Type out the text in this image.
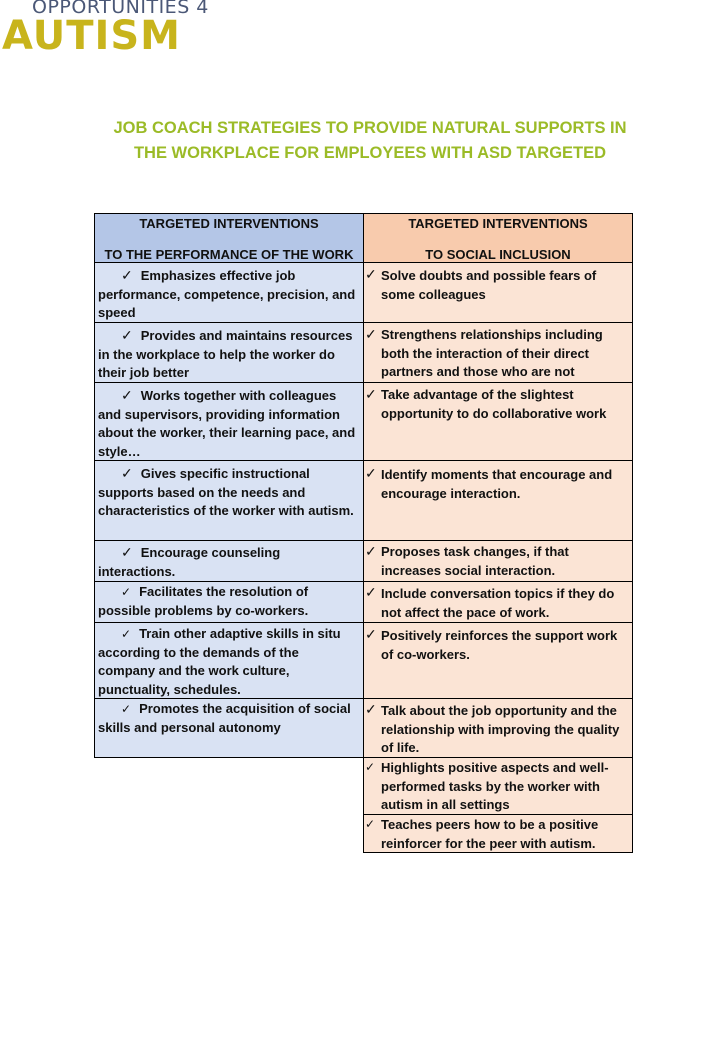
OPPORTUNITIES 4
AUTISM
JOB COACH STRATEGIES TO PROVIDE NATURAL SUPPORTS IN
THE WORKPLACE FOR EMPLOYEES WITH ASD TARGETED
TARGETED INTERVENTIONS
TO THE PERFORMANCE OF THE WORK
TARGETED INTERVENTIONS
TO SOCIAL INCLUSION
✓ Emphasizes effective job performance, competence, precision, and speed
✓ Provides and maintains resources in the workplace to help the worker do their job better
✓ Works together with colleagues and supervisors, providing information about the worker, their learning pace, and style…
✓ Gives specific instructional supports based on the needs and characteristics of the worker with autism.
✓ Encourage counseling interactions.
✓ Facilitates the resolution of possible problems by co-workers.
✓ Train other adaptive skills in situ according to the demands of the company and the work culture, punctuality, schedules.
✓ Promotes the acquisition of social skills and personal autonomy
✓ Solve doubts and possible fears of some colleagues
✓ Strengthens relationships including both the interaction of their direct partners and those who are not
✓ Take advantage of the slightest opportunity to do collaborative work
✓ Identify moments that encourage and encourage interaction.
✓ Proposes task changes, if that increases social interaction.
✓ Include conversation topics if they do not affect the pace of work.
✓ Positively reinforces the support work of co-workers.
✓ Talk about the job opportunity and the relationship with improving the quality of life.
✓ Highlights positive aspects and well-performed tasks by the worker with autism in all settings
✓ Teaches peers how to be a positive reinforcer for the peer with autism.
